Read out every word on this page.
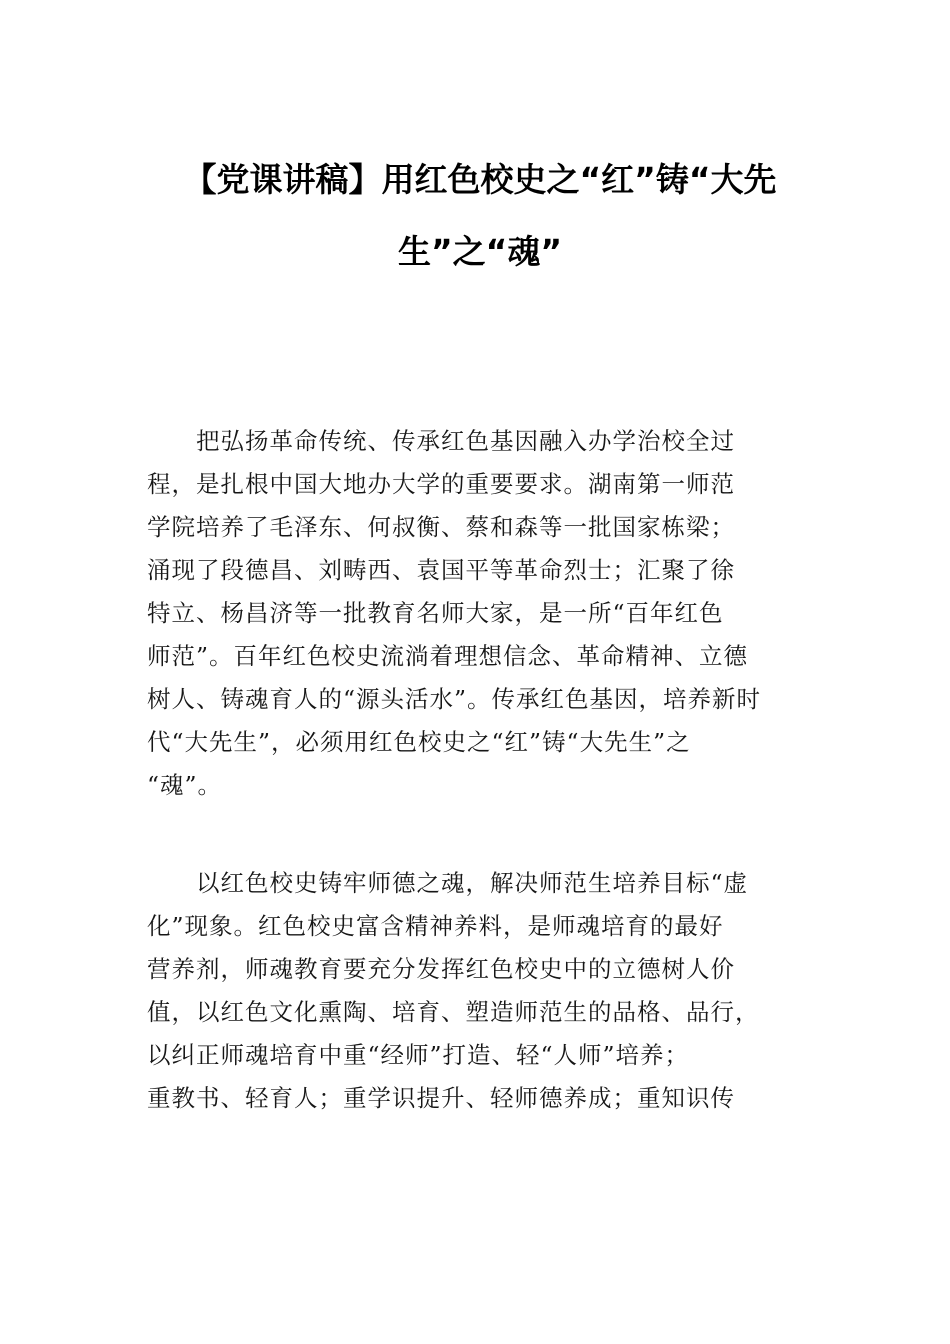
【党课讲稿】用红色校史之“红”铸“大先
生”之“魂”
　　把弘扬革命传统、传承红色基因融入办学治校全过
程，是扎根中国大地办大学的重要要求。湖南第一师范
学院培养了毛泽东、何叔衡、蔡和森等一批国家栋梁；
涌现了段德昌、刘畴西、袁国平等革命烈士；汇聚了徐
特立、杨昌济等一批教育名师大家，是一所“百年红色
师范”。百年红色校史流淌着理想信念、革命精神、立德
树人、铸魂育人的“源头活水”。传承红色基因，培养新时
代“大先生”，必须用红色校史之“红”铸“大先生”之
“魂”。
　　以红色校史铸牢师德之魂，解决师范生培养目标“虚
化”现象。红色校史富含精神养料，是师魂培育的最好
营养剂，师魂教育要充分发挥红色校史中的立德树人价
值，以红色文化熏陶、培育、塑造师范生的品格、品行，
以纠正师魂培育中重“经师”打造、轻“人师”培养；
重教书、轻育人；重学识提升、轻师德养成；重知识传
